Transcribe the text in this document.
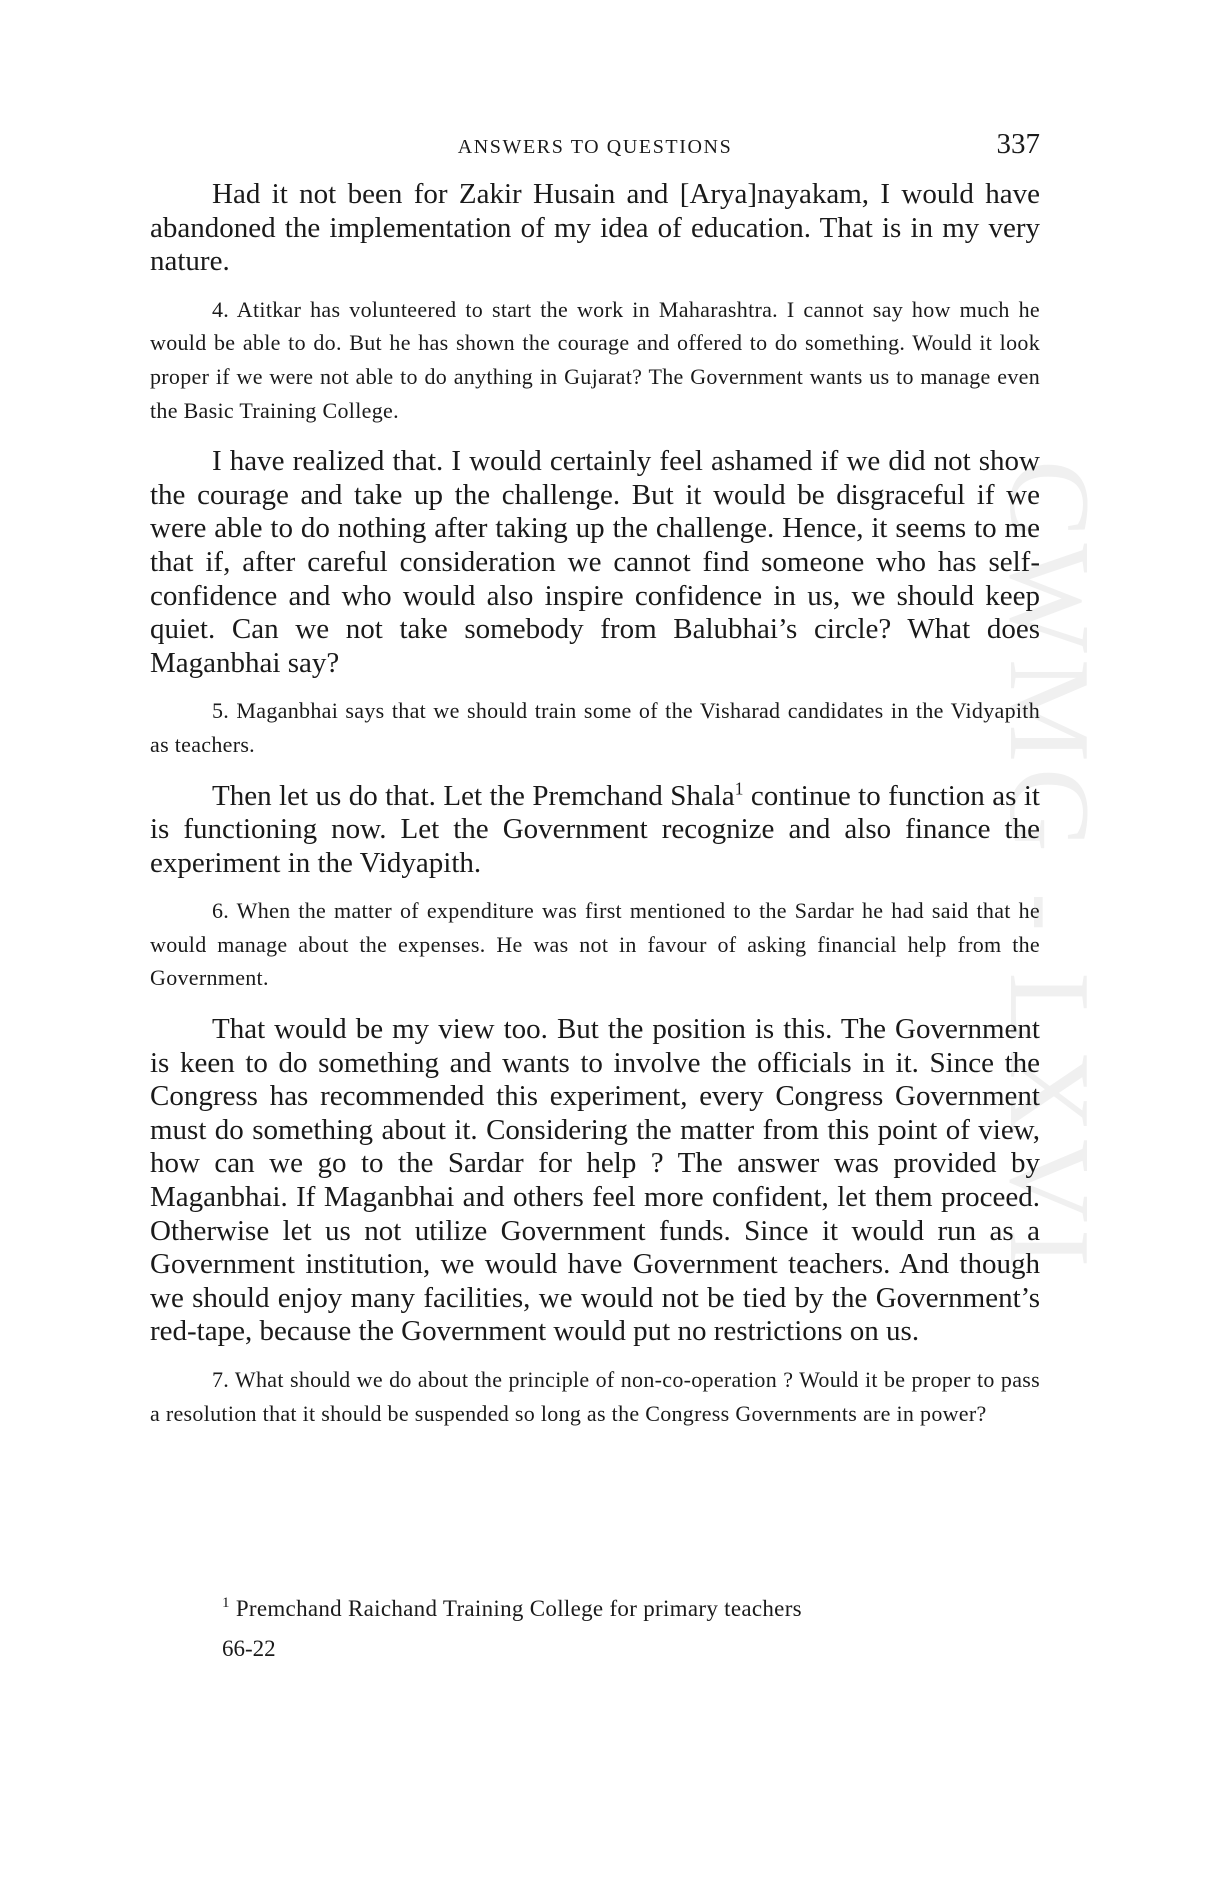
ANSWERS TO QUESTIONS	337
CWMG - LXVI

Had it not been for Zakir Husain and [Arya]nayakam, I would have abandoned the implementation of my idea of education. That is in my very nature.

4. Atitkar has volunteered to start the work in Maharashtra. I cannot say how much he would be able to do. But he has shown the courage and offered to do something. Would it look proper if we were not able to do anything in Gujarat? The Government wants us to manage even the Basic Training College.

I have realized that. I would certainly feel ashamed if we did not show the courage and take up the challenge. But it would be disgraceful if we were able to do nothing after taking up the challenge. Hence, it seems to me that if, after careful consideration we cannot find someone who has self-confidence and who would also inspire confidence in us, we should keep quiet. Can we not take somebody from Balubhai’s circle? What does Maganbhai say?

5. Maganbhai says that we should train some of the Visharad candidates in the Vidyapith as teachers.

Then let us do that. Let the Premchand Shala$^1$ continue to function as it is functioning now. Let the Government recognize and also finance the experiment in the Vidyapith.

6. When the matter of expenditure was first mentioned to the Sardar he had said that he would manage about the expenses. He was not in favour of asking financial help from the Government.

That would be my view too. But the position is this. The Government is keen to do something and wants to involve the officials in it. Since the Congress has recommended this experiment, every Congress Government must do something about it. Considering the matter from this point of view, how can we go to the Sardar for help ? The answer was provided by Maganbhai. If Maganbhai and others feel more confident, let them proceed. Otherwise let us not utilize Government funds. Since it would run as a Government institution, we would have Government teachers. And though we should enjoy many facilities, we would not be tied by the Government’s red-tape, because the Government would put no restrictions on us.

7. What should we do about the principle of non-co-operation ? Would it be proper to pass a resolution that it should be suspended so long as the Congress Governments are in power?

$^1$ Premchand Raichand Training College for primary teachers
66-22
